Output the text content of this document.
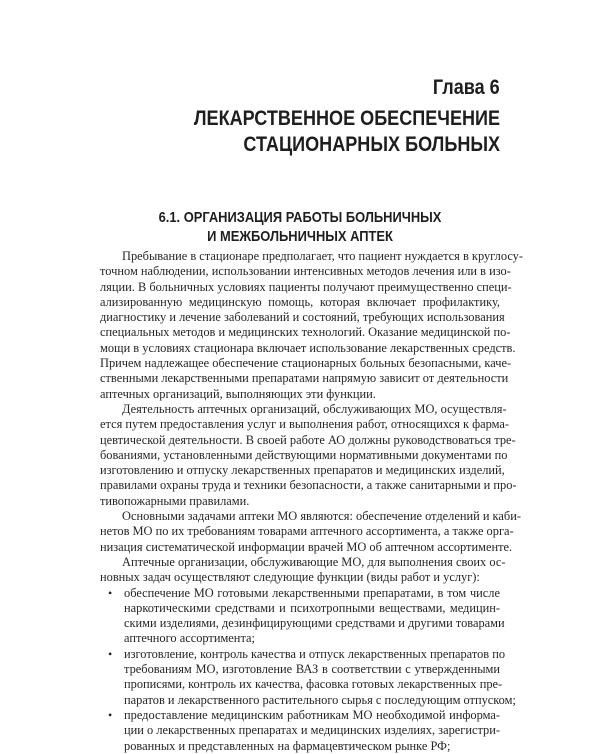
Глава 6
ЛЕКАРСТВЕННОЕ ОБЕСПЕЧЕНИЕ
СТАЦИОНАРНЫХ БОЛЬНЫХ
6.1. ОРГАНИЗАЦИЯ РАБОТЫ БОЛЬНИЧНЫХ
И МЕЖБОЛЬНИЧНЫХ АПТЕК
Пребывание в стационаре предполагает, что пациент нуждается в круглосу-
точном наблюдении, использовании интенсивных методов лечения или в изо-
ляции. В больничных условиях пациенты получают преимущественно специ-
ализированную медицинскую помощь, которая включает профилактику,
диагностику и лечение заболеваний и состояний, требующих использования
специальных методов и медицинских технологий. Оказание медицинской по-
мощи в условиях стационара включает использование лекарственных средств.
Причем надлежащее обеспечение стационарных больных безопасными, каче-
ственными лекарственными препаратами напрямую зависит от деятельности
аптечных организаций, выполняющих эти функции.
Деятельность аптечных организаций, обслуживающих МО, осуществля-
ется путем предоставления услуг и выполнения работ, относящихся к фарма-
цевтической деятельности. В своей работе АО должны руководствоваться тре-
бованиями, установленными действующими нормативными документами по
изготовлению и отпуску лекарственных препаратов и медицинских изделий,
правилами охраны труда и техники безопасности, а также санитарными и про-
тивопожарными правилами.
Основными задачами аптеки МО являются: обеспечение отделений и каби-
нетов МО по их требованиям товарами аптечного ассортимента, а также орга-
низация систематической информации врачей МО об аптечном ассортименте.
Аптечные организации, обслуживающие МО, для выполнения своих ос-
новных задач осуществляют следующие функции (виды работ и услуг):
• обеспечение МО готовыми лекарственными препаратами, в том числе
наркотическими средствами и психотропными веществами, медицин-
скими изделиями, дезинфицирующими средствами и другими товарами
аптечного ассортимента;
• изготовление, контроль качества и отпуск лекарственных препаратов по
требованиям МО, изготовление ВАЗ в соответствии с утвержденными
прописями, контроль их качества, фасовка готовых лекарственных пре-
паратов и лекарственного растительного сырья с последующим отпуском;
• предоставление медицинским работникам МО необходимой информа-
ции о лекарственных препаратах и медицинских изделиях, зарегистри-
рованных и представленных на фармацевтическом рынке РФ;
